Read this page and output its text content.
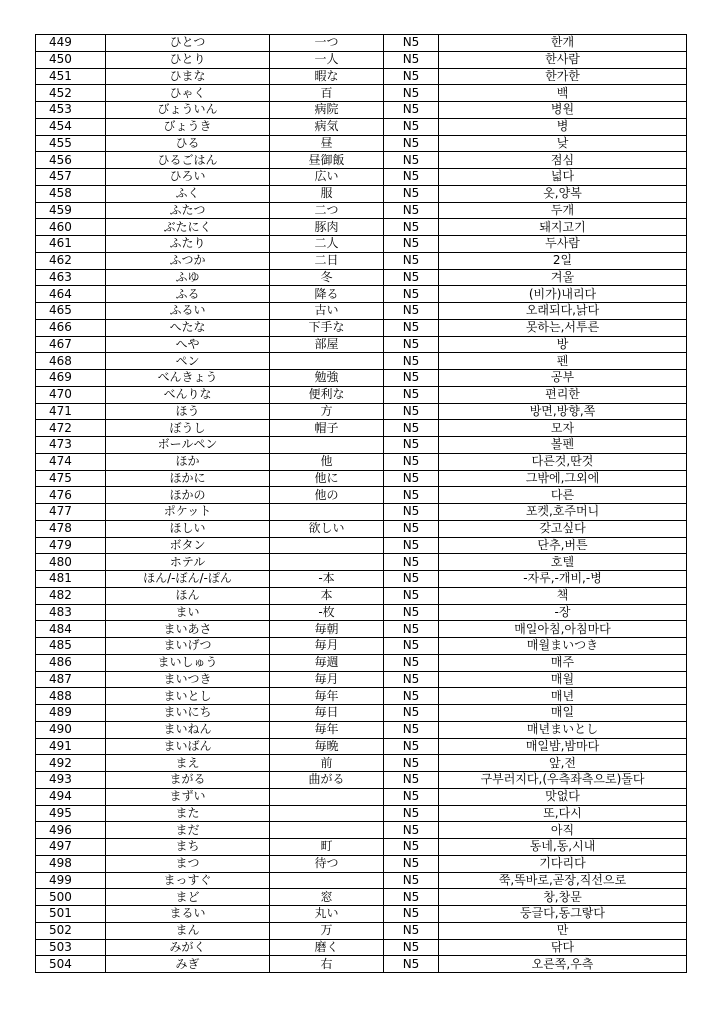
449	ひとつ	一つ	N5	한개
450	ひとり	一人	N5	한사람
451	ひまな	暇な	N5	한가한
452	ひゃく	百	N5	백
453	びょういん	病院	N5	병원
454	びょうき	病気	N5	병
455	ひる	昼	N5	낮
456	ひるごはん	昼御飯	N5	점심
457	ひろい	広い	N5	넓다
458	ふく	服	N5	옷,양복
459	ふたつ	二つ	N5	두개
460	ぶたにく	豚肉	N5	돼지고기
461	ふたり	二人	N5	두사람
462	ふつか	二日	N5	2일
463	ふゆ	冬	N5	겨울
464	ふる	降る	N5	(비가)내리다
465	ふるい	古い	N5	오래되다,낡다
466	へたな	下手な	N5	못하는,서투른
467	へや	部屋	N5	방
468	ペン		N5	펜
469	べんきょう	勉強	N5	공부
470	べんりな	便利な	N5	편리한
471	ほう	方	N5	방면,방향,쪽
472	ぼうし	帽子	N5	모자
473	ボールペン		N5	볼펜
474	ほか	他	N5	다른것,딴것
475	ほかに	他に	N5	그밖에,그외에
476	ほかの	他の	N5	다른
477	ポケット		N5	포켓,호주머니
478	ほしい	欲しい	N5	갖고싶다
479	ボタン		N5	단추,버튼
480	ホテル		N5	호텔
481	ほん/-ぼん/-ぽん	-本	N5	-자루,-개비,-병
482	ほん	本	N5	책
483	まい	-枚	N5	-장
484	まいあさ	毎朝	N5	매일아침,아침마다
485	まいげつ	毎月	N5	매월まいつき
486	まいしゅう	毎週	N5	매주
487	まいつき	毎月	N5	매월
488	まいとし	毎年	N5	매년
489	まいにち	毎日	N5	매일
490	まいねん	毎年	N5	매년まいとし
491	まいばん	毎晩	N5	매일밤,밤마다
492	まえ	前	N5	앞,전
493	まがる	曲がる	N5	구부러지다,(우측좌측으로)돌다
494	まずい		N5	맛없다
495	また		N5	또,다시
496	まだ		N5	아직
497	まち	町	N5	동네,동,시내
498	まつ	待つ	N5	기다리다
499	まっすぐ		N5	쭉,똑바로,곧장,직선으로
500	まど	窓	N5	창,창문
501	まるい	丸い	N5	둥글다,동그랗다
502	まん	万	N5	만
503	みがく	磨く	N5	닦다
504	みぎ	右	N5	오른쪽,우측
